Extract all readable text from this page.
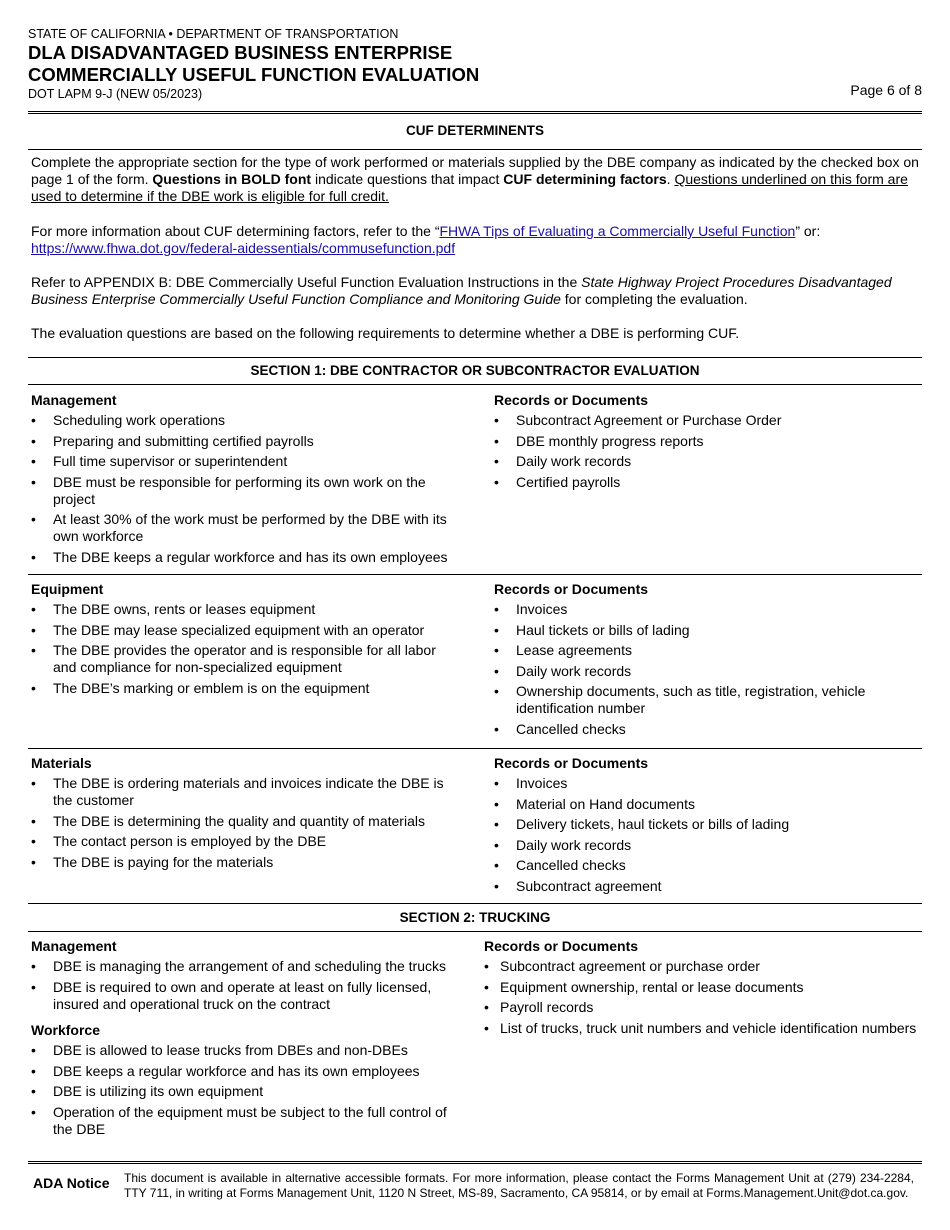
STATE OF CALIFORNIA • DEPARTMENT OF TRANSPORTATION
DLA DISADVANTAGED BUSINESS ENTERPRISE
COMMERCIALLY USEFUL FUNCTION EVALUATION
DOT LAPM 9-J (NEW 05/2023)	Page 6 of 8
CUF DETERMINENTS
Complete the appropriate section for the type of work performed or materials supplied by the DBE company as indicated by the checked box on page 1 of the form. Questions in BOLD font indicate questions that impact CUF determining factors. Questions underlined on this form are used to determine if the DBE work is eligible for full credit.
For more information about CUF determining factors, refer to the “FHWA Tips of Evaluating a Commercially Useful Function” or:
https://www.fhwa.dot.gov/federal-aidessentials/commusefunction.pdf
Refer to APPENDIX B: DBE Commercially Useful Function Evaluation Instructions in the State Highway Project Procedures Disadvantaged Business Enterprise Commercially Useful Function Compliance and Monitoring Guide for completing the evaluation.
The evaluation questions are based on the following requirements to determine whether a DBE is performing CUF.
SECTION 1: DBE CONTRACTOR OR SUBCONTRACTOR EVALUATION
Management
• Scheduling work operations
• Preparing and submitting certified payrolls
• Full time supervisor or superintendent
• DBE must be responsible for performing its own work on the project
• At least 30% of the work must be performed by the DBE with its own workforce
• The DBE keeps a regular workforce and has its own employees
Records or Documents
• Subcontract Agreement or Purchase Order
• DBE monthly progress reports
• Daily work records
• Certified payrolls
Equipment
• The DBE owns, rents or leases equipment
• The DBE may lease specialized equipment with an operator
• The DBE provides the operator and is responsible for all labor and compliance for non-specialized equipment
• The DBE’s marking or emblem is on the equipment
Records or Documents
• Invoices
• Haul tickets or bills of lading
• Lease agreements
• Daily work records
• Ownership documents, such as title, registration, vehicle identification number
• Cancelled checks
Materials
• The DBE is ordering materials and invoices indicate the DBE is the customer
• The DBE is determining the quality and quantity of materials
• The contact person is employed by the DBE
• The DBE is paying for the materials
Records or Documents
• Invoices
• Material on Hand documents
• Delivery tickets, haul tickets or bills of lading
• Daily work records
• Cancelled checks
• Subcontract agreement
SECTION 2: TRUCKING
Management
• DBE is managing the arrangement of and scheduling the trucks
• DBE is required to own and operate at least on fully licensed, insured and operational truck on the contract
Workforce
• DBE is allowed to lease trucks from DBEs and non-DBEs
• DBE keeps a regular workforce and has its own employees
• DBE is utilizing its own equipment
• Operation of the equipment must be subject to the full control of the DBE
Records or Documents
• Subcontract agreement or purchase order
• Equipment ownership, rental or lease documents
• Payroll records
• List of trucks, truck unit numbers and vehicle identification numbers
ADA Notice This document is available in alternative accessible formats. For more information, please contact the Forms Management Unit at (279) 234-2284, TTY 711, in writing at Forms Management Unit, 1120 N Street, MS-89, Sacramento, CA 95814, or by email at Forms.Management.Unit@dot.ca.gov.
